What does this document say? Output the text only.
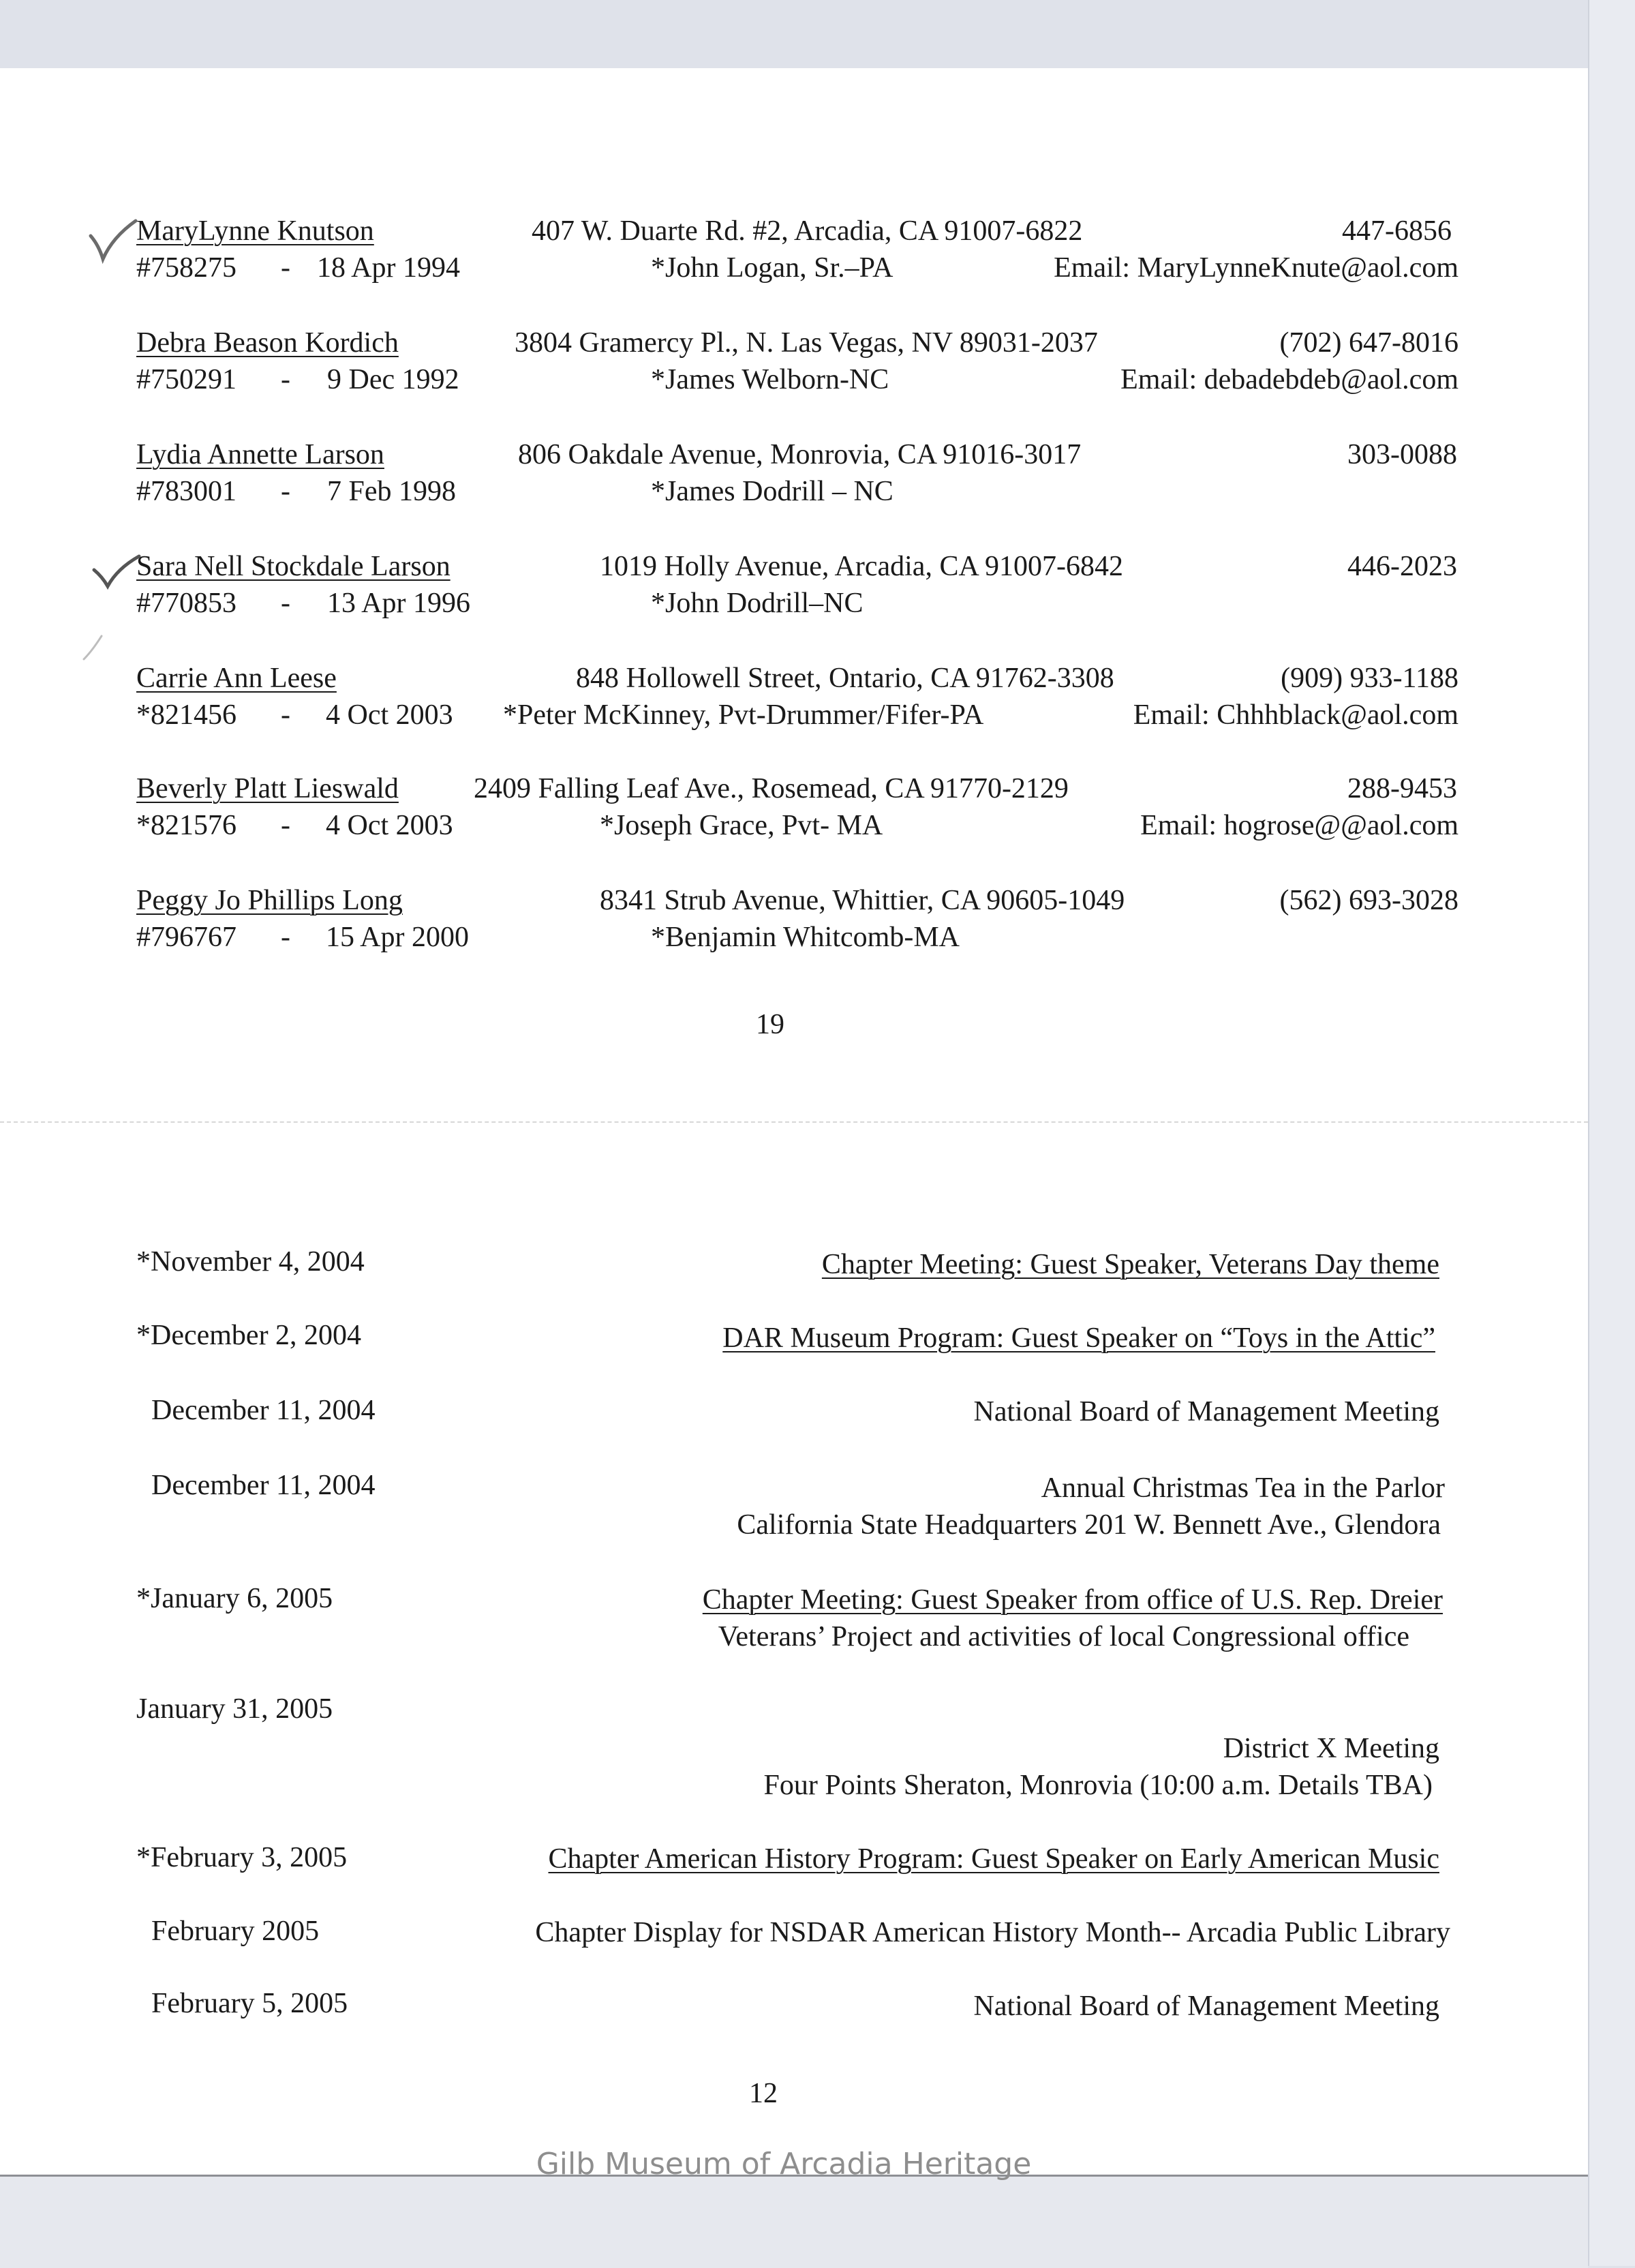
MaryLynne Knutson	407 W. Duarte Rd. #2, Arcadia, CA 91007-6822	447-6856
#758275 - 18 Apr 1994	*John Logan, Sr.–PA	Email: MaryLynneKnute@aol.com
Debra Beason Kordich	3804 Gramercy Pl., N. Las Vegas, NV 89031-2037	(702) 647-8016
#750291 - 9 Dec 1992	*James Welborn-NC	Email: debadebdeb@aol.com
Lydia Annette Larson	806 Oakdale Avenue, Monrovia, CA 91016-3017	303-0088
#783001 - 7 Feb 1998	*James Dodrill – NC
Sara Nell Stockdale Larson	1019 Holly Avenue, Arcadia, CA 91007-6842	446-2023
#770853 - 13 Apr 1996	*John Dodrill–NC
Carrie Ann Leese	848 Hollowell Street, Ontario, CA 91762-3308	(909) 933-1188
*821456 - 4 Oct 2003 *Peter McKinney, Pvt-Drummer/Fifer-PA	Email: Chhhblack@aol.com
Beverly Platt Lieswald	2409 Falling Leaf Ave., Rosemead, CA 91770-2129	288-9453
*821576 - 4 Oct 2003	*Joseph Grace, Pvt- MA	Email: hogrose@@aol.com
Peggy Jo Phillips Long	8341 Strub Avenue, Whittier, CA 90605-1049	(562) 693-3028
#796767 - 15 Apr 2000	*Benjamin Whitcomb-MA
19
*November 4, 2004	Chapter Meeting: Guest Speaker, Veterans Day theme
*December 2, 2004	DAR Museum Program: Guest Speaker on “Toys in the Attic”
December 11, 2004	National Board of Management Meeting
December 11, 2004	Annual Christmas Tea in the Parlor
California State Headquarters 201 W. Bennett Ave., Glendora
*January 6, 2005	Chapter Meeting: Guest Speaker from office of U.S. Rep. Dreier
Veterans’ Project and activities of local Congressional office
January 31, 2005
District X Meeting
Four Points Sheraton, Monrovia (10:00 a.m. Details TBA)
*February 3, 2005	Chapter American History Program: Guest Speaker on Early American Music
February 2005	Chapter Display for NSDAR American History Month-- Arcadia Public Library
February 5, 2005	National Board of Management Meeting
12
Gilb Museum of Arcadia Heritage
